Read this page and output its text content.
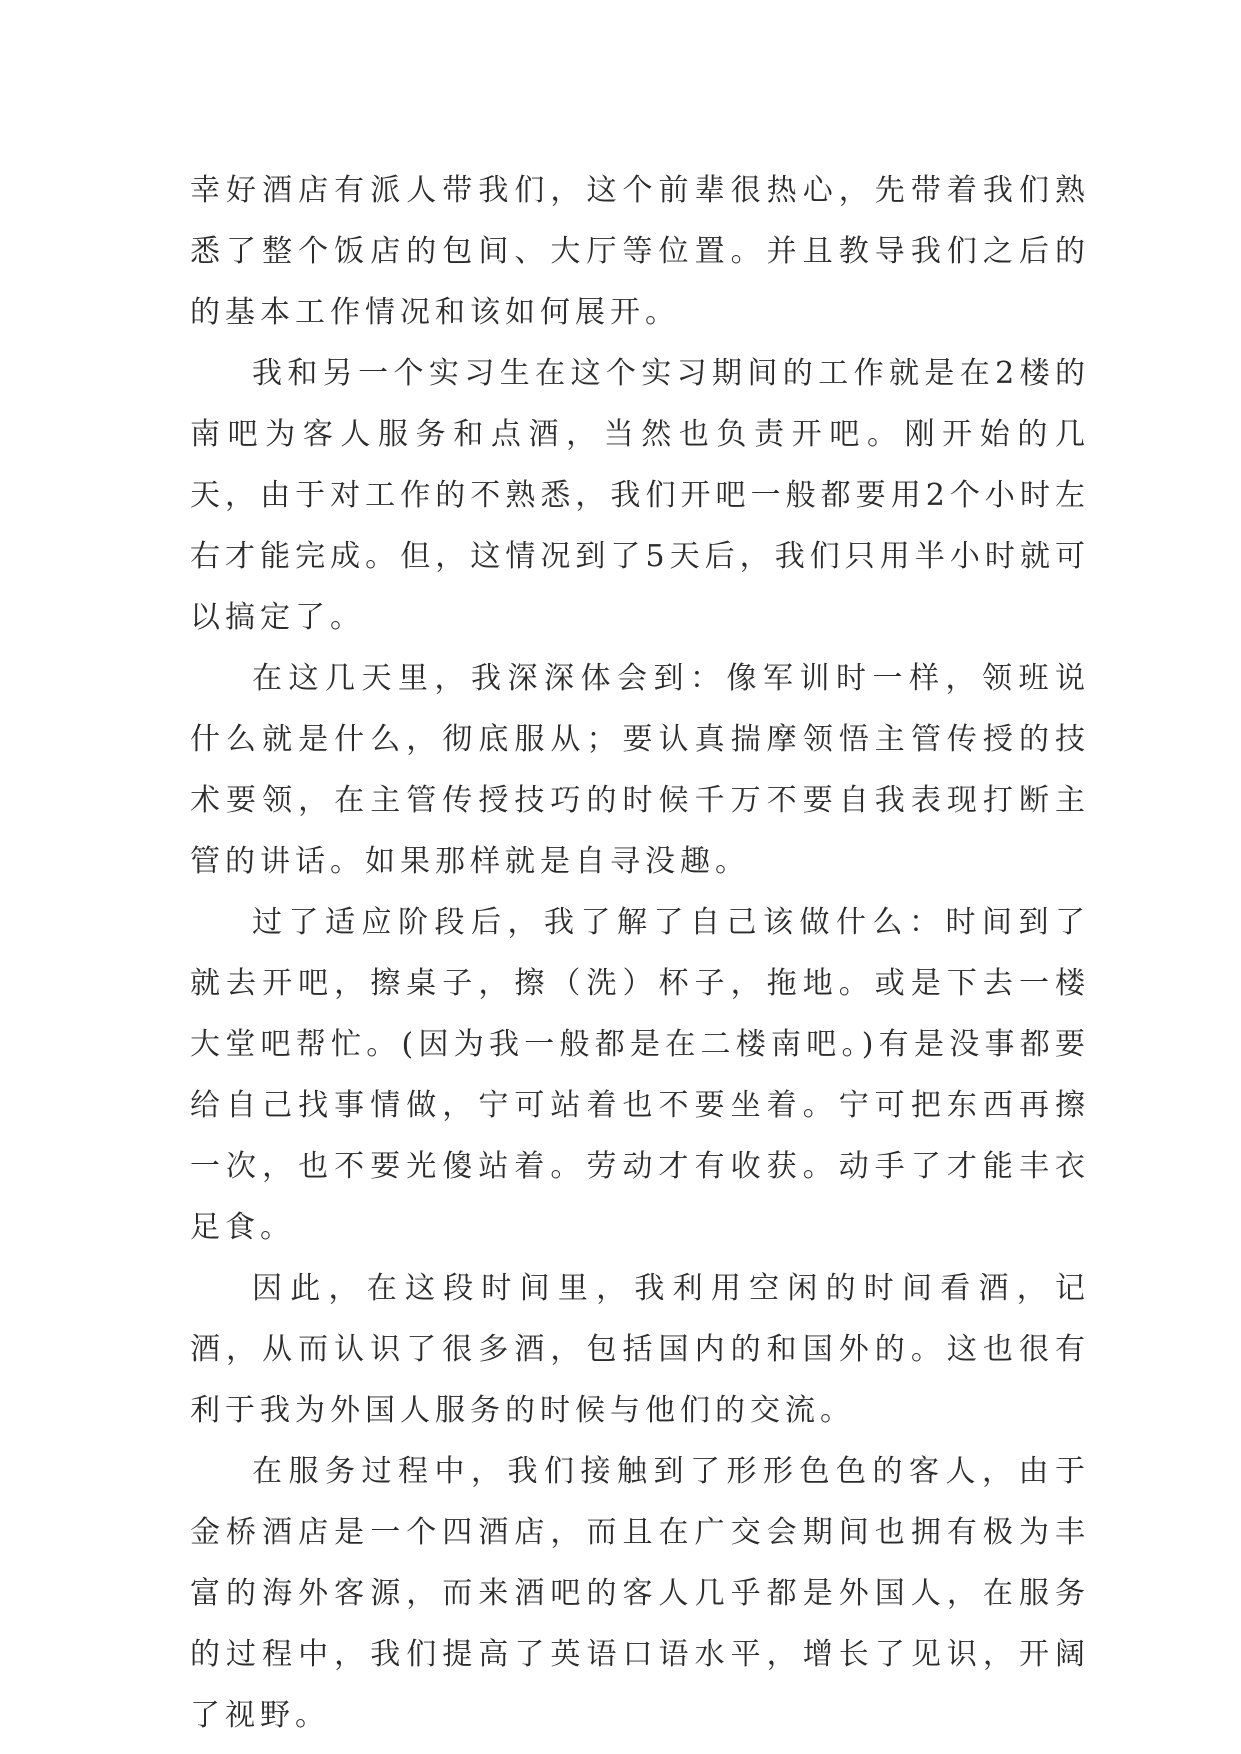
幸好酒店有派人带我们，这个前辈很热心，先带着我们熟悉了整个饭店的包间、大厅等位置。并且教导我们之后的的基本工作情况和该如何展开。

我和另一个实习生在这个实习期间的工作就是在2楼的南吧为客人服务和点酒，当然也负责开吧。刚开始的几天，由于对工作的不熟悉，我们开吧一般都要用2个小时左右才能完成。但，这情况到了5天后，我们只用半小时就可以搞定了。

在这几天里，我深深体会到：像军训时一样，领班说什么就是什么，彻底服从；要认真揣摩领悟主管传授的技术要领，在主管传授技巧的时候千万不要自我表现打断主管的讲话。如果那样就是自寻没趣。

过了适应阶段后，我了解了自己该做什么：时间到了就去开吧，擦桌子，擦（洗）杯子，拖地。或是下去一楼大堂吧帮忙。(因为我一般都是在二楼南吧。)有是没事都要给自己找事情做，宁可站着也不要坐着。宁可把东西再擦一次，也不要光傻站着。劳动才有收获。动手了才能丰衣足食。

因此，在这段时间里，我利用空闲的时间看酒，记酒，从而认识了很多酒，包括国内的和国外的。这也很有利于我为外国人服务的时候与他们的交流。

在服务过程中，我们接触到了形形色色的客人，由于金桥酒店是一个四酒店，而且在广交会期间也拥有极为丰富的海外客源，而来酒吧的客人几乎都是外国人，在服务的过程中，我们提高了英语口语水平，增长了见识，开阔了视野。
